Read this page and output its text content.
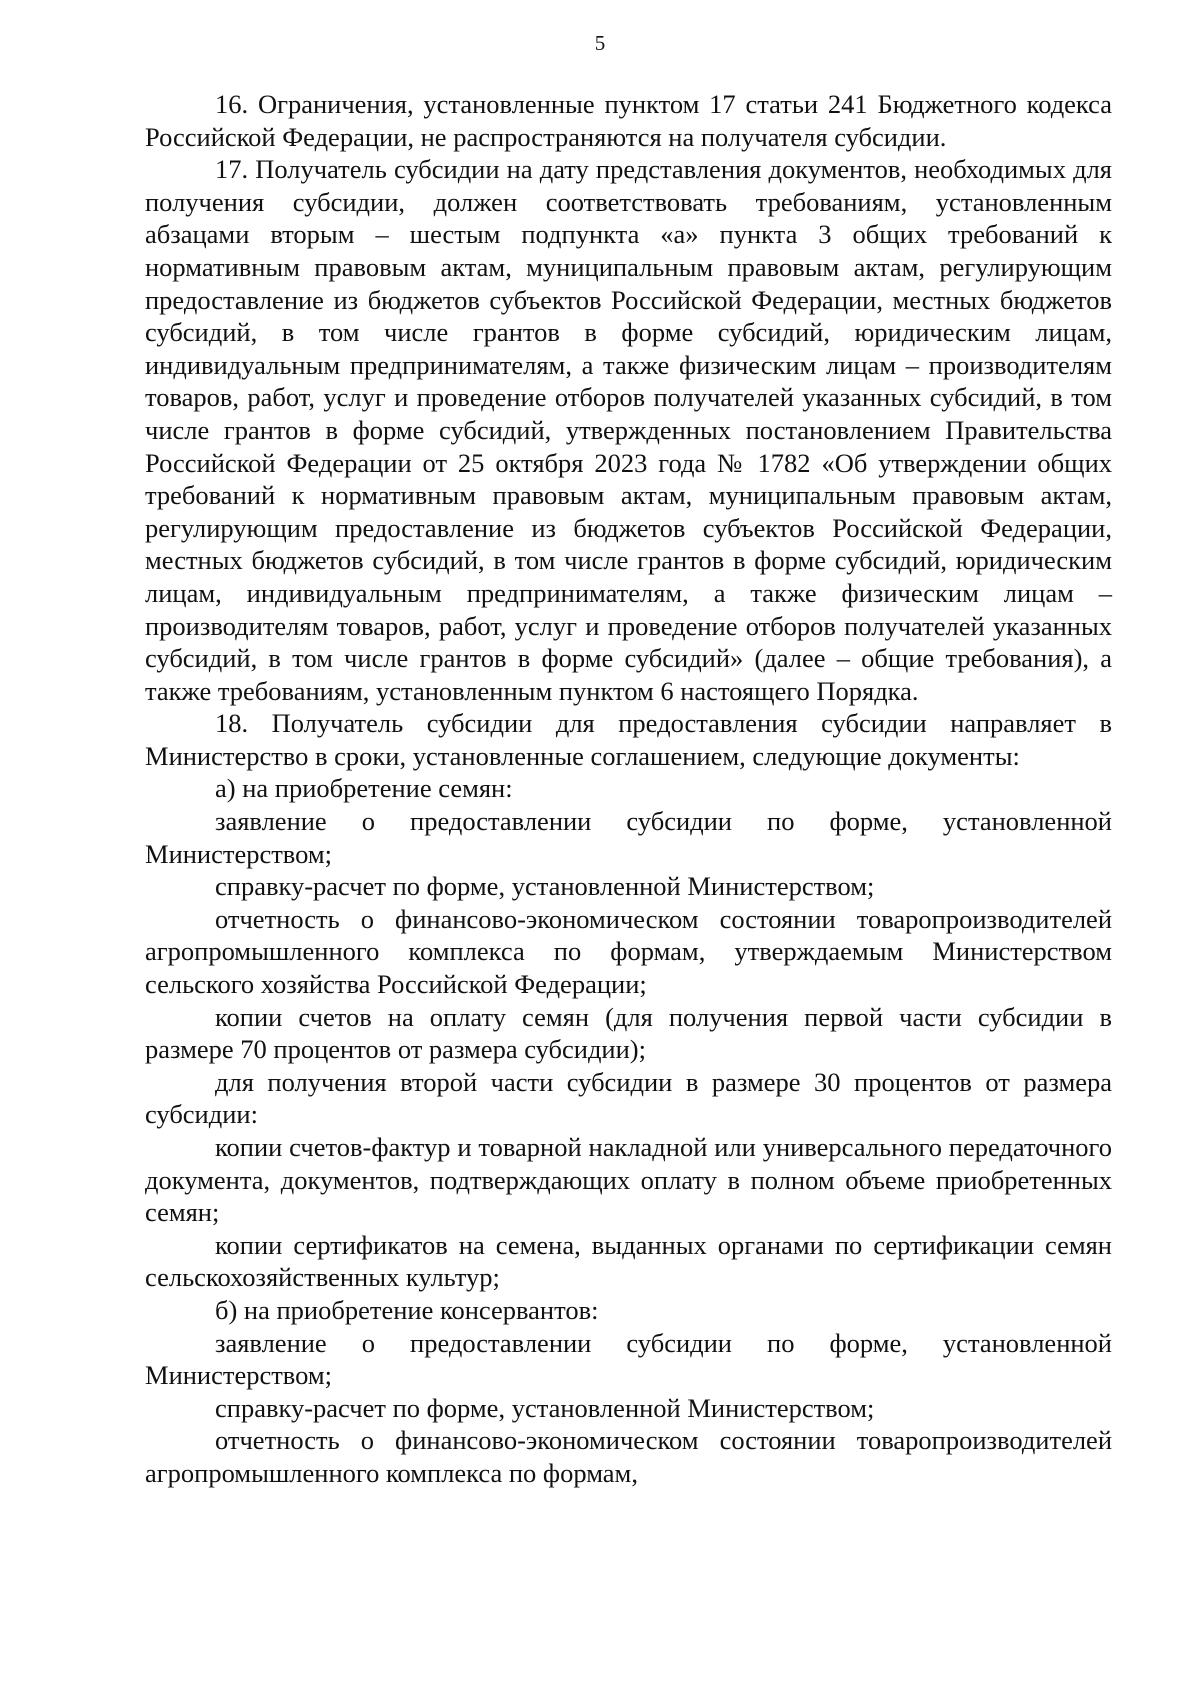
5

16. Ограничения, установленные пунктом 17 статьи 241 Бюджетного кодекса Российской Федерации, не распространяются на получателя субсидии.

17. Получатель субсидии на дату представления документов, необходимых для получения субсидии, должен соответствовать требованиям, установленным абзацами вторым – шестым подпункта «а» пункта 3 общих требований к нормативным правовым актам, муниципальным правовым актам, регулирующим предоставление из бюджетов субъектов Российской Федерации, местных бюджетов субсидий, в том числе грантов в форме субсидий, юридическим лицам, индивидуальным предпринимателям, а также физическим лицам – производителям товаров, работ, услуг и проведение отборов получателей указанных субсидий, в том числе грантов в форме субсидий, утвержденных постановлением Правительства Российской Федерации от 25 октября 2023 года № 1782 «Об утверждении общих требований к нормативным правовым актам, муниципальным правовым актам, регулирующим предоставление из бюджетов субъектов Российской Федерации, местных бюджетов субсидий, в том числе грантов в форме субсидий, юридическим лицам, индивидуальным предпринимателям, а также физическим лицам – производителям товаров, работ, услуг и проведение отборов получателей указанных субсидий, в том числе грантов в форме субсидий» (далее – общие требования), а также требованиям, установленным пунктом 6 настоящего Порядка.

18. Получатель субсидии для предоставления субсидии направляет в Министерство в сроки, установленные соглашением, следующие документы:

а) на приобретение семян:

заявление о предоставлении субсидии по форме, установленной Министерством;

справку-расчет по форме, установленной Министерством;

отчетность о финансово-экономическом состоянии товаропроизводителей агропромышленного комплекса по формам, утверждаемым Министерством сельского хозяйства Российской Федерации;

копии счетов на оплату семян (для получения первой части субсидии в размере 70 процентов от размера субсидии);

для получения второй части субсидии в размере 30 процентов от размера субсидии:

копии счетов-фактур и товарной накладной или универсального передаточного документа, документов, подтверждающих оплату в полном объеме приобретенных семян;

копии сертификатов на семена, выданных органами по сертификации семян сельскохозяйственных культур;

б) на приобретение консервантов:

заявление о предоставлении субсидии по форме, установленной Министерством;

справку-расчет по форме, установленной Министерством;

отчетность о финансово-экономическом состоянии товаропроизводителей агропромышленного комплекса по формам,
